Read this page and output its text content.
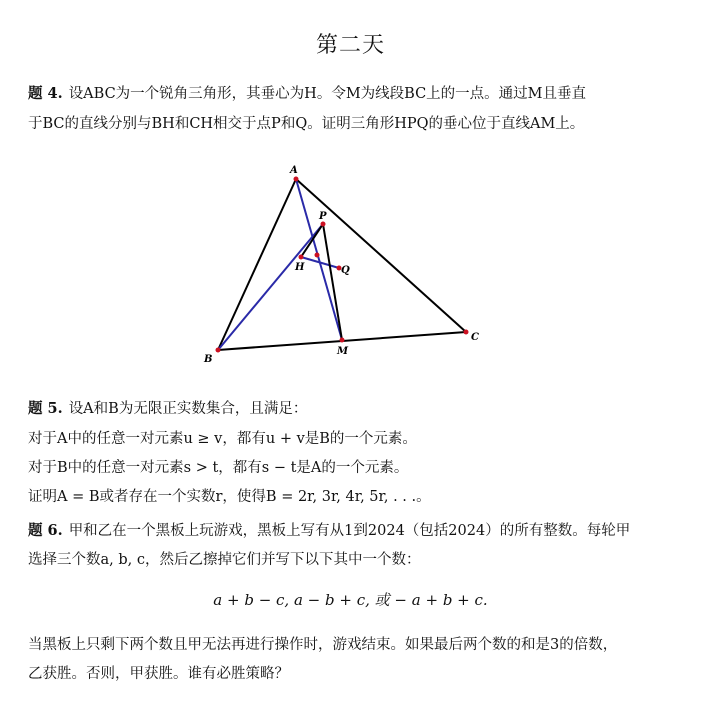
第二天
题 4. 设ABC为一个锐角三角形，其垂心为H。令M为线段BC上的一点。通过M且垂直
于BC的直线分别与BH和CH相交于点P和Q。证明三角形HPQ的垂心位于直线AM上。
A
B
C
P
Q
H
M
题 5. 设A和B为无限正实数集合，且满足：
对于A中的任意一对元素u ≥ v，都有u + v是B的一个元素。
对于B中的任意一对元素s > t，都有s − t是A的一个元素。
证明A = B或者存在一个实数r，使得B = 2r, 3r, 4r, 5r, . . .。
题 6. 甲和乙在一个黑板上玩游戏，黑板上写有从1到2024（包括2024）的所有整数。每轮甲
选择三个数a, b, c，然后乙擦掉它们并写下以下其中一个数：
a + b − c, a − b + c, 或 − a + b + c.
当黑板上只剩下两个数且甲无法再进行操作时，游戏结束。如果最后两个数的和是3的倍数，
乙获胜。否则，甲获胜。谁有必胜策略？
